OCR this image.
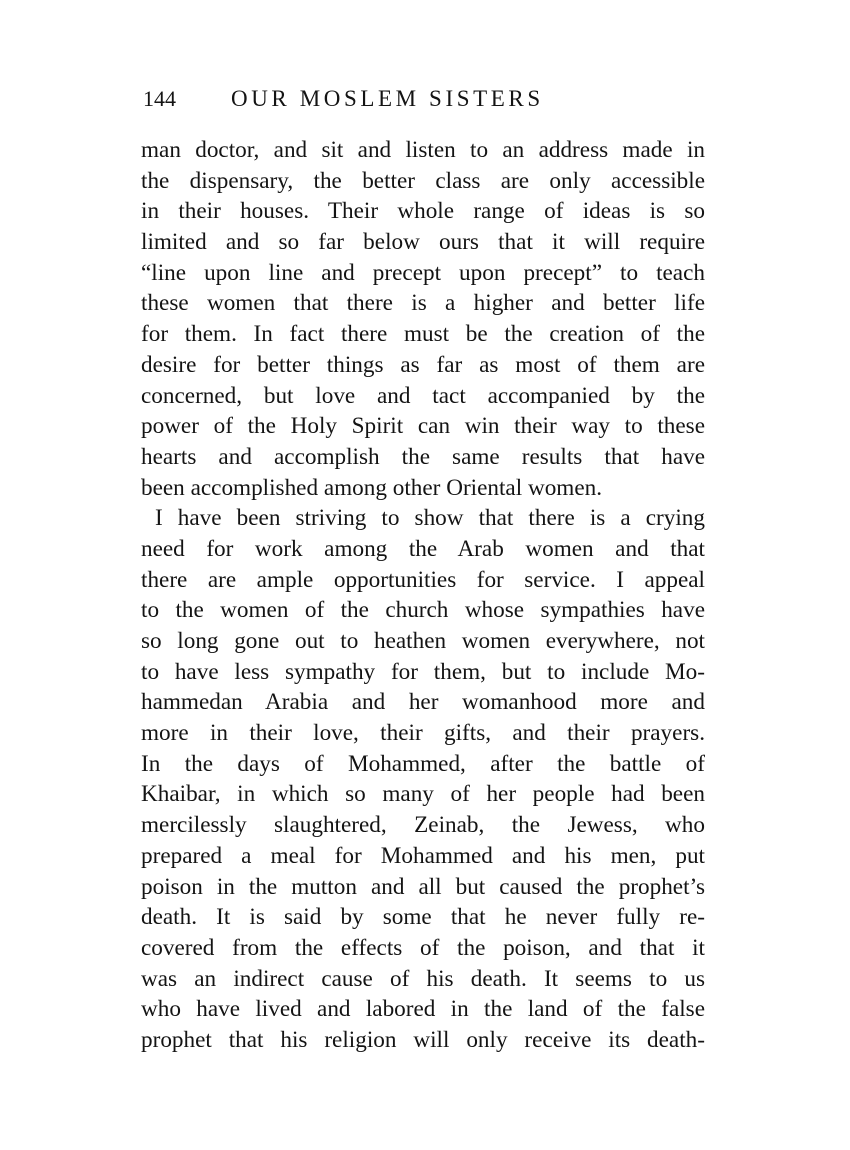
144 OUR MOSLEM SISTERS
man doctor, and sit and listen to an address made in
the dispensary, the better class are only accessible
in their houses. Their whole range of ideas is so
limited and so far below ours that it will require
“line upon line and precept upon precept” to teach
these women that there is a higher and better life
for them. In fact there must be the creation of the
desire for better things as far as most of them are
concerned, but love and tact accompanied by the
power of the Holy Spirit can win their way to these
hearts and accomplish the same results that have
been accomplished among other Oriental women.
I have been striving to show that there is a crying
need for work among the Arab women and that
there are ample opportunities for service. I appeal
to the women of the church whose sympathies have
so long gone out to heathen women everywhere, not
to have less sympathy for them, but to include Mo-
hammedan Arabia and her womanhood more and
more in their love, their gifts, and their prayers.
In the days of Mohammed, after the battle of
Khaibar, in which so many of her people had been
mercilessly slaughtered, Zeinab, the Jewess, who
prepared a meal for Mohammed and his men, put
poison in the mutton and all but caused the prophet’s
death. It is said by some that he never fully re-
covered from the effects of the poison, and that it
was an indirect cause of his death. It seems to us
who have lived and labored in the land of the false
prophet that his religion will only receive its death-
